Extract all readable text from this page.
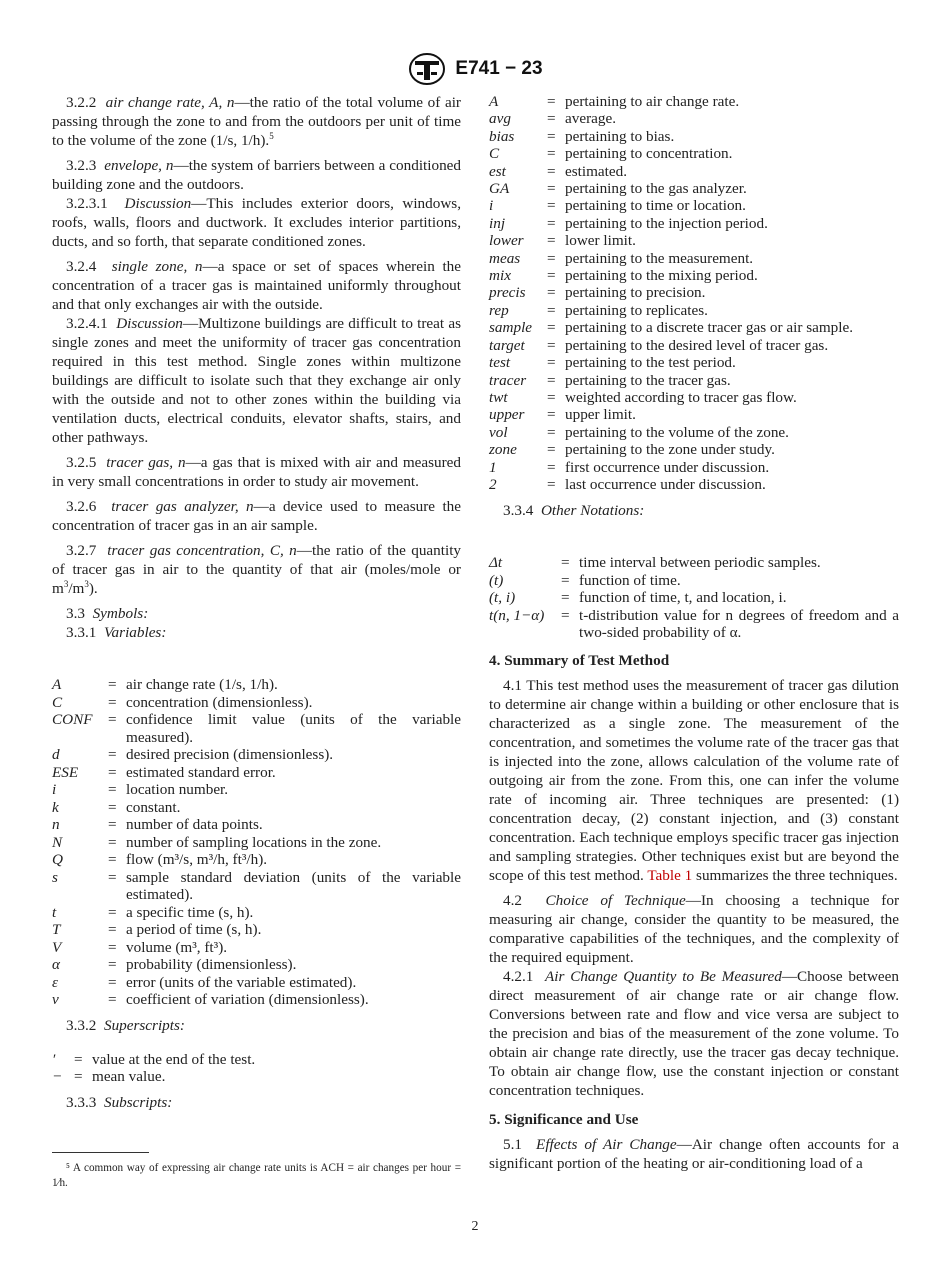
E741 − 23

3.2.2 air change rate, A, n—the ratio of the total volume of air passing through the zone to and from the outdoors per unit of time to the volume of the zone (1/s, 1/h).$^5$

3.2.3 envelope, n—the system of barriers between a conditioned building zone and the outdoors.

3.2.3.1 Discussion—This includes exterior doors, windows, roofs, walls, floors and ductwork. It excludes interior partitions, ducts, and so forth, that separate conditioned zones.

3.2.4 single zone, n—a space or set of spaces wherein the concentration of a tracer gas is maintained uniformly throughout and that only exchanges air with the outside.

3.2.4.1 Discussion—Multizone buildings are difficult to treat as single zones and meet the uniformity of tracer gas concentration required in this test method. Single zones within multizone buildings are difficult to isolate such that they exchange air only with the outside and not to other zones within the building via ventilation ducts, electrical conduits, elevator shafts, stairs, and other pathways.

3.2.5 tracer gas, n—a gas that is mixed with air and measured in very small concentrations in order to study air movement.

3.2.6 tracer gas analyzer, n—a device used to measure the concentration of tracer gas in an air sample.

3.2.7 tracer gas concentration, C, n—the ratio of the quantity of tracer gas in air to the quantity of that air (moles/mole or $m^3/m^3$).

3.3 Symbols:

3.3.1 Variables:

A	= air change rate (1/s, 1/h).
C	= concentration (dimensionless).
CONF	= confidence limit value (units of the variable measured).
d	= desired precision (dimensionless).
ESE	= estimated standard error.
i	= location number.
k	= constant.
n	= number of data points.
N	= number of sampling locations in the zone.
Q	= flow (m³/s, m³/h, ft³/h).
s	= sample standard deviation (units of the variable estimated).
t	= a specific time (s, h).
T	= a period of time (s, h).
V	= volume (m³, ft³).
α	= probability (dimensionless).
ε	= error (units of the variable estimated).
ν	= coefficient of variation (dimensionless).

3.3.2 Superscripts:

′	= value at the end of the test.
− = mean value.

3.3.3 Subscripts:

⁵ A common way of expressing air change rate units is ACH = air changes per hour = 1⁄h.
A	= pertaining to air change rate.
avg	= average.
bias	= pertaining to bias.
C	= pertaining to concentration.
est	= estimated.
GA	= pertaining to the gas analyzer.
i	= pertaining to time or location.
inj	= pertaining to the injection period.
lower	= lower limit.
meas	= pertaining to the measurement.
mix	= pertaining to the mixing period.
precis	= pertaining to precision.
rep	= pertaining to replicates.
sample = pertaining to a discrete tracer gas or air sample.
target	= pertaining to the desired level of tracer gas.
test	= pertaining to the test period.
tracer	= pertaining to the tracer gas.
twt	= weighted according to tracer gas flow.
upper	= upper limit.
vol	= pertaining to the volume of the zone.
zone	= pertaining to the zone under study.
1	= first occurrence under discussion.
2	= last occurrence under discussion.

3.3.4 Other Notations:

Δt	= time interval between periodic samples.
(t)	= function of time.
(t, i)	= function of time, t, and location, i.
t(n, 1−α)	= t-distribution value for n degrees of freedom and a two-sided probability of α.

4. Summary of Test Method

4.1 This test method uses the measurement of tracer gas dilution to determine air change within a building or other enclosure that is characterized as a single zone. The measurement of the concentration, and sometimes the volume rate of the tracer gas that is injected into the zone, allows calculation of the volume rate of outgoing air from the zone. From this, one can infer the volume rate of incoming air. Three techniques are presented: (1) concentration decay, (2) constant injection, and (3) constant concentration. Each technique employs specific tracer gas injection and sampling strategies. Other techniques exist but are beyond the scope of this test method. Table 1 summarizes the three techniques.

4.2 Choice of Technique—In choosing a technique for measuring air change, consider the quantity to be measured, the comparative capabilities of the techniques, and the complexity of the required equipment.

4.2.1 Air Change Quantity to Be Measured—Choose between direct measurement of air change rate or air change flow. Conversions between rate and flow and vice versa are subject to the precision and bias of the measurement of the zone volume. To obtain air change rate directly, use the tracer gas decay technique. To obtain air change flow, use the constant injection or constant concentration techniques.

5. Significance and Use

5.1 Effects of Air Change—Air change often accounts for a significant portion of the heating or air-conditioning load of a

2
